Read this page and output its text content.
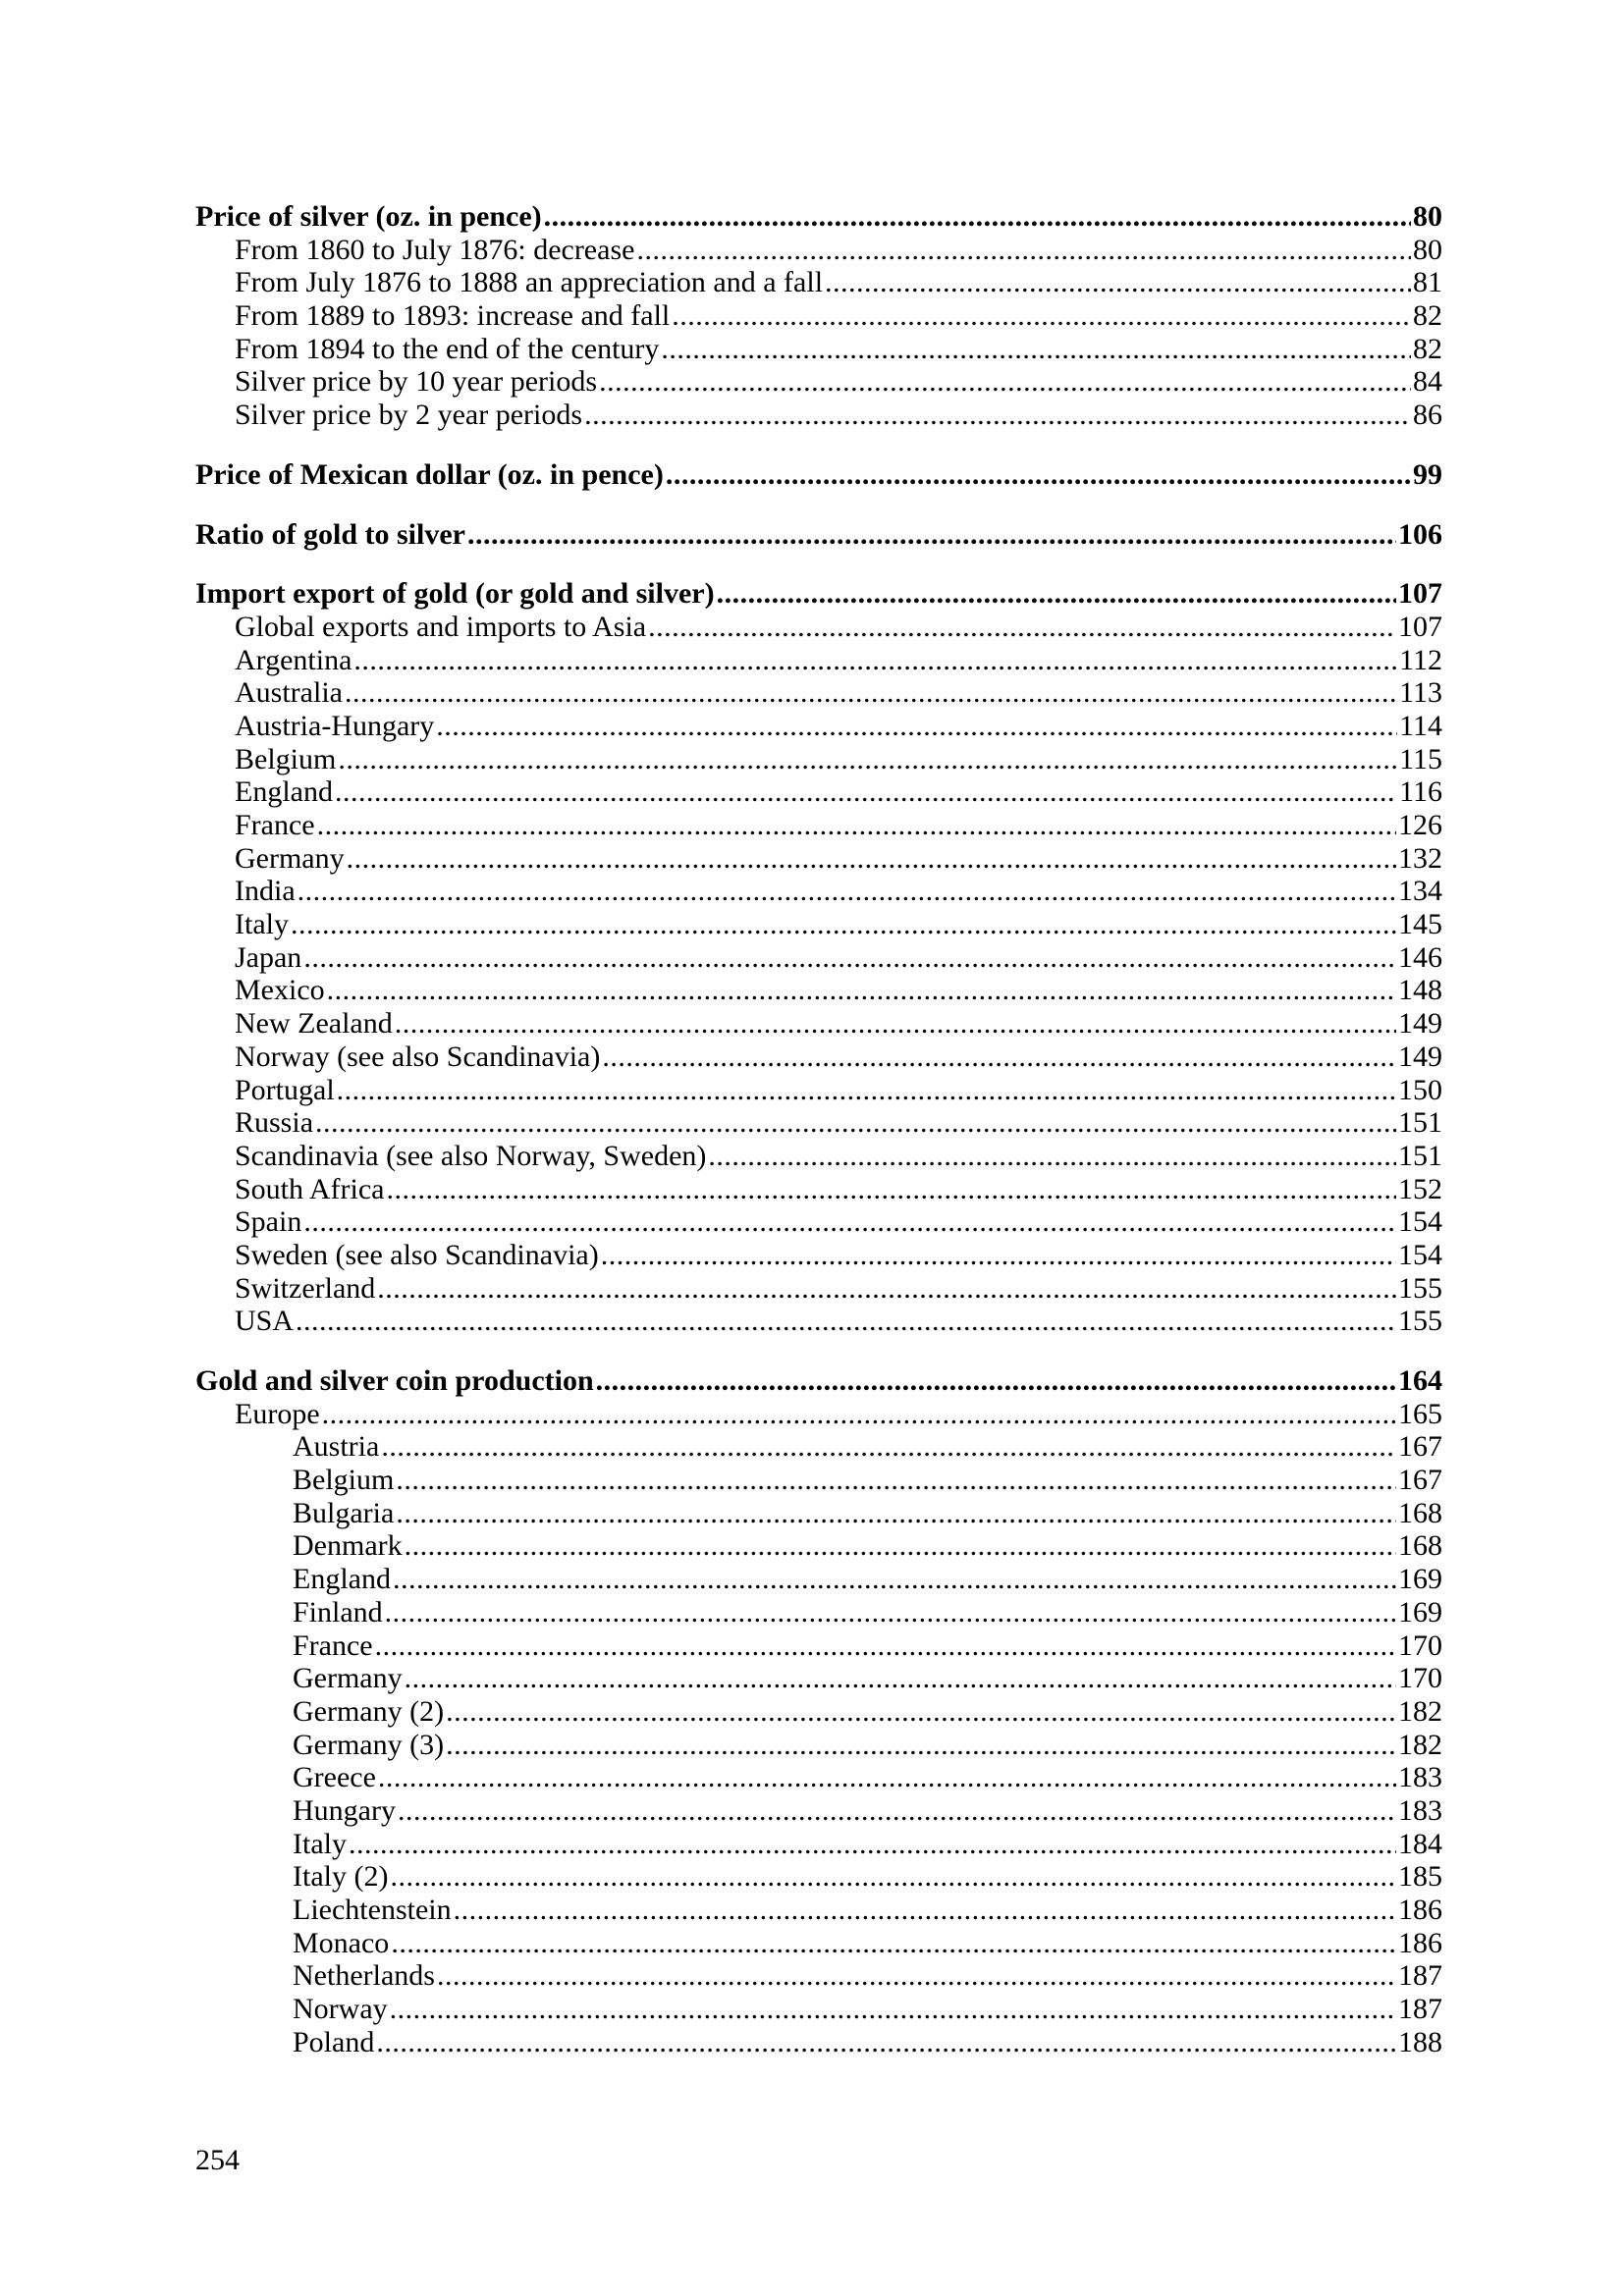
Price of silver (oz. in pence) .....	80
From 1860 to July 1876: decrease .....	80
From July 1876 to 1888 an appreciation and a fall .....	81
From 1889 to 1893: increase and fall .....	82
From 1894 to the end of the century .....	82
Silver price by 10 year periods .....	84
Silver price by 2 year periods .....	86
Price of Mexican dollar (oz. in pence) .....	99
Ratio of gold to silver .....	106
Import export of gold (or gold and silver) .....	107
Global exports and imports to Asia .....	107
Argentina .....	112
Australia .....	113
Austria-Hungary .....	114
Belgium .....	115
England .....	116
France .....	126
Germany .....	132
India .....	134
Italy .....	145
Japan .....	146
Mexico .....	148
New Zealand .....	149
Norway (see also Scandinavia) .....	149
Portugal .....	150
Russia .....	151
Scandinavia (see also Norway, Sweden) .....	151
South Africa .....	152
Spain .....	154
Sweden (see also Scandinavia) .....	154
Switzerland .....	155
USA .....	155
Gold and silver coin production .....	164
Europe .....	165
Austria .....	167
Belgium .....	167
Bulgaria .....	168
Denmark .....	168
England .....	169
Finland .....	169
France .....	170
Germany .....	170
Germany (2) .....	182
Germany (3) .....	182
Greece .....	183
Hungary .....	183
Italy .....	184
Italy (2) .....	185
Liechtenstein .....	186
Monaco .....	186
Netherlands .....	187
Norway .....	187
Poland .....	188
254
